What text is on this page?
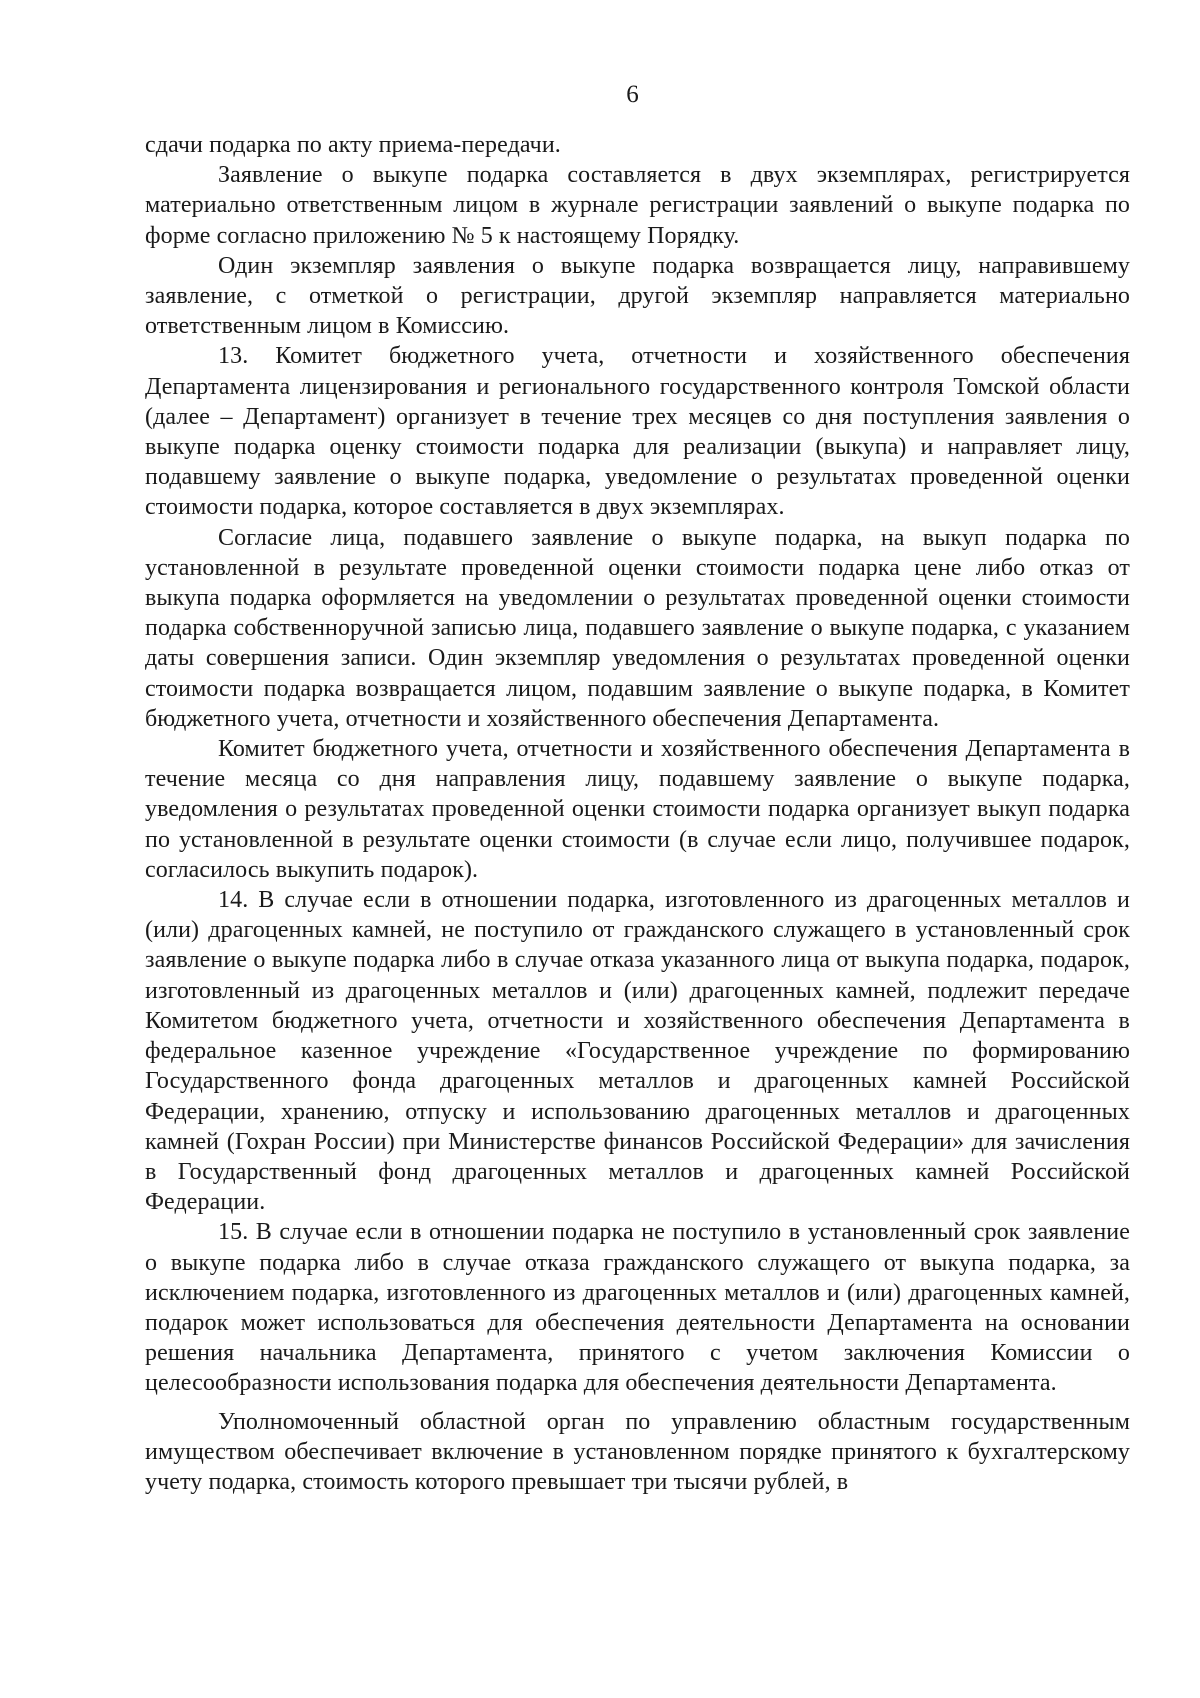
6

сдачи подарка по акту приема-передачи.

Заявление о выкупе подарка составляется в двух экземплярах, регистрируется материально ответственным лицом в журнале регистрации заявлений о выкупе подарка по форме согласно приложению № 5 к настоящему Порядку.

Один экземпляр заявления о выкупе подарка возвращается лицу, направившему заявление, с отметкой о регистрации, другой экземпляр направляется материально ответственным лицом в Комиссию.

13. Комитет бюджетного учета, отчетности и хозяйственного обеспечения Департамента лицензирования и регионального государственного контроля Томской области (далее – Департамент) организует в течение трех месяцев со дня поступления заявления о выкупе подарка оценку стоимости подарка для реализации (выкупа) и направляет лицу, подавшему заявление о выкупе подарка, уведомление о результатах проведенной оценки стоимости подарка, которое составляется в двух экземплярах.

Согласие лица, подавшего заявление о выкупе подарка, на выкуп подарка по установленной в результате проведенной оценки стоимости подарка цене либо отказ от выкупа подарка оформляется на уведомлении о результатах проведенной оценки стоимости подарка собственноручной записью лица, подавшего заявление о выкупе подарка, с указанием даты совершения записи. Один экземпляр уведомления о результатах проведенной оценки стоимости подарка возвращается лицом, подавшим заявление о выкупе подарка, в Комитет бюджетного учета, отчетности и хозяйственного обеспечения Департамента.

Комитет бюджетного учета, отчетности и хозяйственного обеспечения Департамента в течение месяца со дня направления лицу, подавшему заявление о выкупе подарка, уведомления о результатах проведенной оценки стоимости подарка организует выкуп подарка по установленной в результате оценки стоимости (в случае если лицо, получившее подарок, согласилось выкупить подарок).

14. В случае если в отношении подарка, изготовленного из драгоценных металлов и (или) драгоценных камней, не поступило от гражданского служащего в установленный срок заявление о выкупе подарка либо в случае отказа указанного лица от выкупа подарка, подарок, изготовленный из драгоценных металлов и (или) драгоценных камней, подлежит передаче Комитетом бюджетного учета, отчетности и хозяйственного обеспечения Департамента в федеральное казенное учреждение «Государственное учреждение по формированию Государственного фонда драгоценных металлов и драгоценных камней Российской Федерации, хранению, отпуску и использованию драгоценных металлов и драгоценных камней (Гохран России) при Министерстве финансов Российской Федерации» для зачисления в Государственный фонд драгоценных металлов и драгоценных камней Российской Федерации.

15. В случае если в отношении подарка не поступило в установленный срок заявление о выкупе подарка либо в случае отказа гражданского служащего от выкупа подарка, за исключением подарка, изготовленного из драгоценных металлов и (или) драгоценных камней, подарок может использоваться для обеспечения деятельности Департамента на основании решения начальника Департамента, принятого с учетом заключения Комиссии о целесообразности использования подарка для обеспечения деятельности Департамента.

Уполномоченный областной орган по управлению областным государственным имуществом обеспечивает включение в установленном порядке принятого к бухгалтерскому учету подарка, стоимость которого превышает три тысячи рублей, в
